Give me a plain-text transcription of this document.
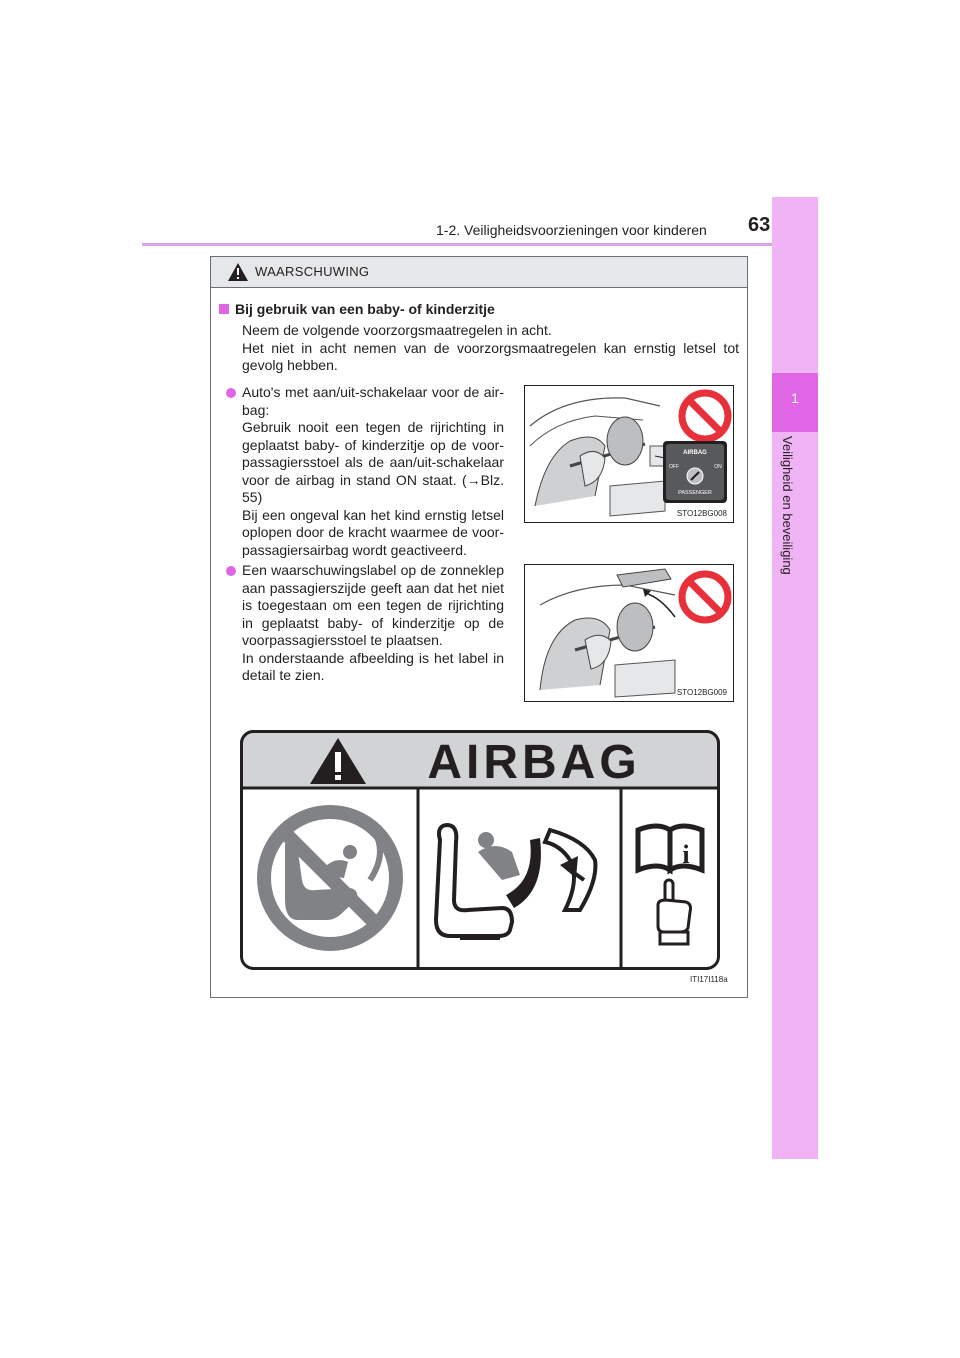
1-2. Veiligheidsvoorzieningen voor kinderen 63
1
Veiligheid en beveiliging
WAARSCHUWING
Bij gebruik van een baby- of kinderzitje
Neem de volgende voorzorgsmaatregelen in acht.
Het niet in acht nemen van de voorzorgsmaatregelen kan ernstig letsel tot gevolg hebben.
Auto's met aan/uit-schakelaar voor de air-bag:
Gebruik nooit een tegen de rijrichting in geplaatst baby- of kinderzitje op de voor-passagiersstoel als de aan/uit-schakelaar voor de airbag in stand ON staat. (→Blz. 55)
Bij een ongeval kan het kind ernstig letsel oplopen door de kracht waarmee de voor-passagiersairbag wordt geactiveerd.
AIRBAG
OFF	ON
PASSENGER
STO12BG008
Een waarschuwingslabel op de zonneklep aan passagierszijde geeft aan dat het niet is toegestaan om een tegen de rijrichting in geplaatst baby- of kinderzitje op de voorpassagiersstoel te plaatsen.
In onderstaande afbeelding is het label in detail te zien.
STO12BG009
AIRBAG
i
ITI17I118a
